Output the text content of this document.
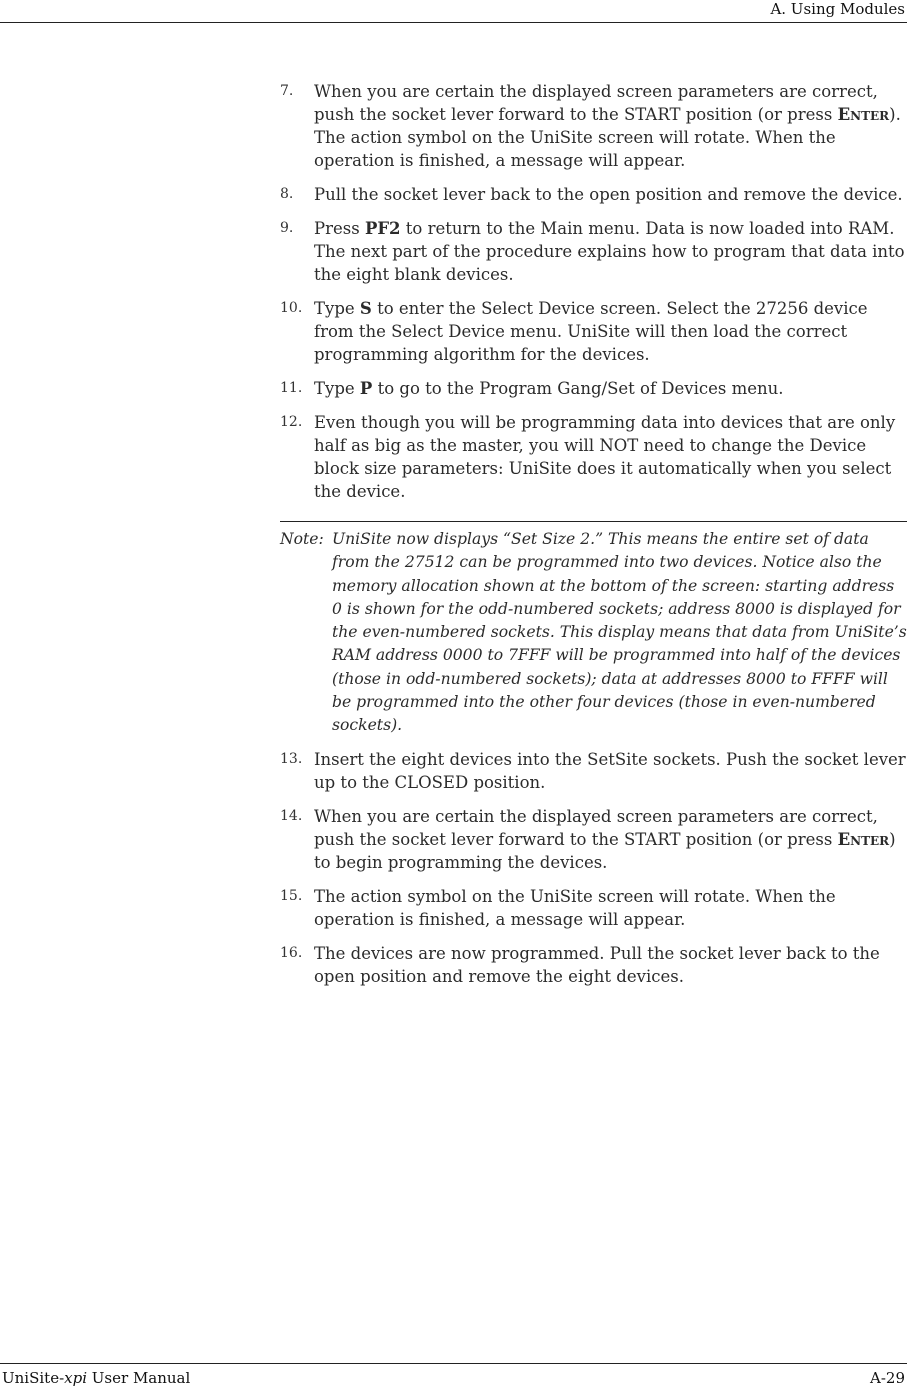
A. Using Modules
7. When you are certain the displayed screen parameters are correct, push the socket lever forward to the START position (or press Enter). The action symbol on the UniSite screen will rotate. When the operation is finished, a message will appear.
8. Pull the socket lever back to the open position and remove the device.
9. Press PF2 to return to the Main menu. Data is now loaded into RAM. The next part of the procedure explains how to program that data into the eight blank devices.
10. Type S to enter the Select Device screen. Select the 27256 device from the Select Device menu. UniSite will then load the correct programming algorithm for the devices.
11. Type P to go to the Program Gang/Set of Devices menu.
12. Even though you will be programming data into devices that are only half as big as the master, you will NOT need to change the Device block size parameters: UniSite does it automatically when you select the device.
Note: UniSite now displays “Set Size 2.” This means the entire set of data from the 27512 can be programmed into two devices. Notice also the memory allocation shown at the bottom of the screen: starting address 0 is shown for the odd-numbered sockets; address 8000 is displayed for the even-numbered sockets. This display means that data from UniSite’s RAM address 0000 to 7FFF will be programmed into half of the devices (those in odd-numbered sockets); data at addresses 8000 to FFFF will be programmed into the other four devices (those in even-numbered sockets).
13. Insert the eight devices into the SetSite sockets. Push the socket lever up to the CLOSED position.
14. When you are certain the displayed screen parameters are correct, push the socket lever forward to the START position (or press Enter) to begin programming the devices.
15. The action symbol on the UniSite screen will rotate. When the operation is finished, a message will appear.
16. The devices are now programmed. Pull the socket lever back to the open position and remove the eight devices.
UniSite-xpi User Manual	A-29
